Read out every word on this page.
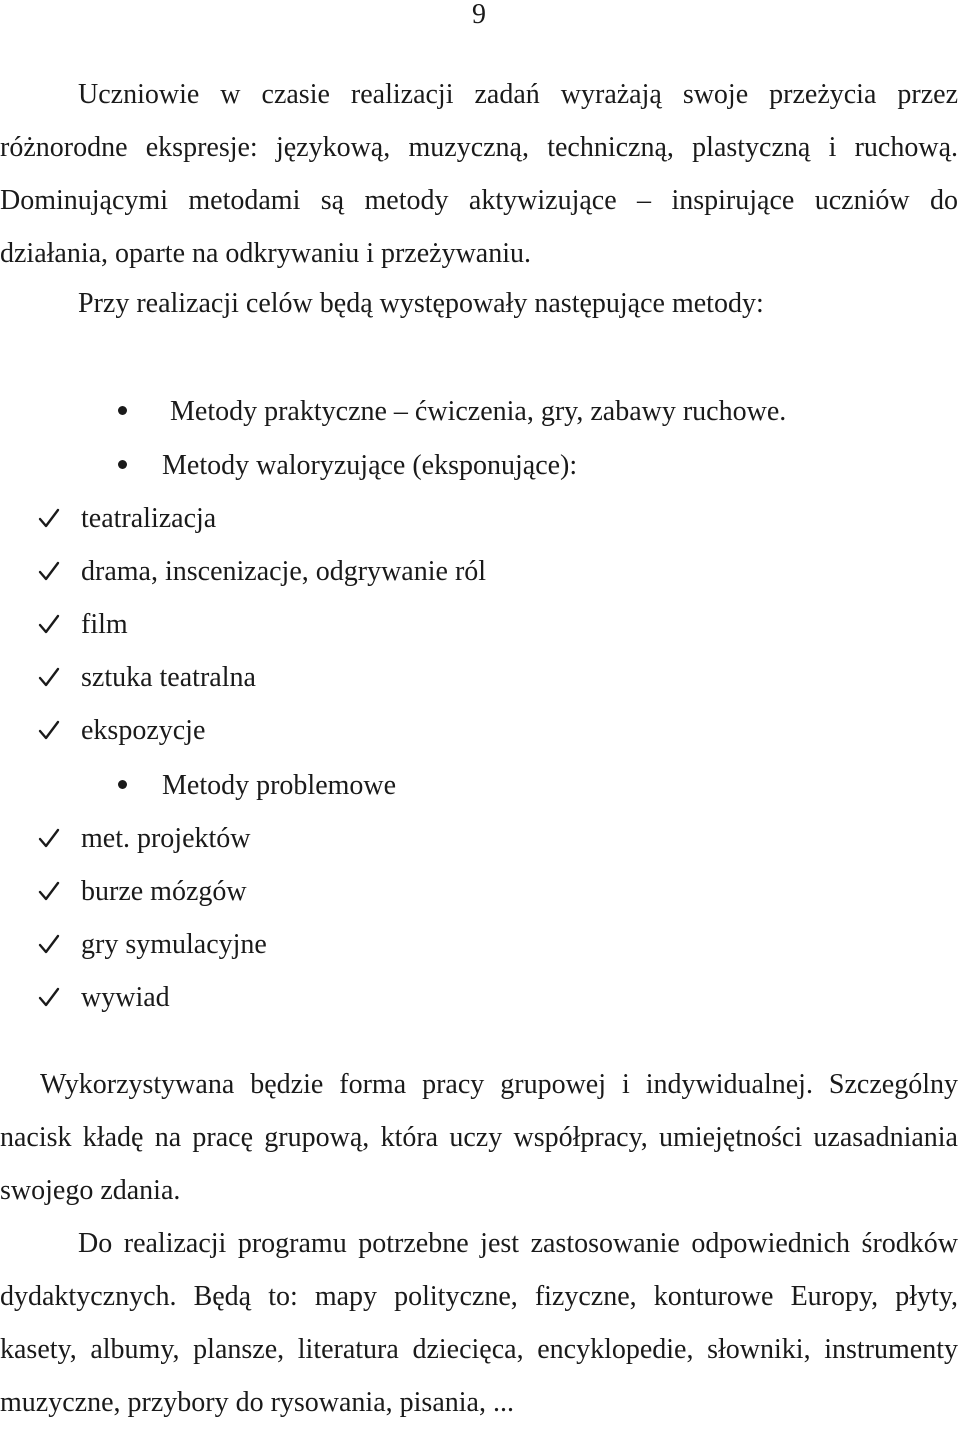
9

Uczniowie w czasie realizacji zadań wyrażają swoje przeżycia przez różnorodne ekspresje: językową, muzyczną, techniczną, plastyczną i ruchową. Dominującymi metodami są metody aktywizujące – inspirujące uczniów do działania, oparte na odkrywaniu i przeżywaniu.

Przy realizacji celów będą występowały następujące metody:
Metody praktyczne – ćwiczenia, gry, zabawy ruchowe.
Metody waloryzujące (eksponujące):
teatralizacja
drama, inscenizacje, odgrywanie ról
film
sztuka teatralna
ekspozycje
Metody problemowe
met. projektów
burze mózgów
gry symulacyjne
wywiad

Wykorzystywana będzie forma pracy grupowej i indywidualnej. Szczególny nacisk kładę na pracę grupową, która uczy współpracy, umiejętności uzasadniania swojego zdania.

Do realizacji programu potrzebne jest zastosowanie odpowiednich środków dydaktycznych. Będą to: mapy polityczne, fizyczne, konturowe Europy, płyty, kasety, albumy, plansze, literatura dziecięca, encyklopedie, słowniki, instrumenty muzyczne, przybory do rysowania, pisania, ...
